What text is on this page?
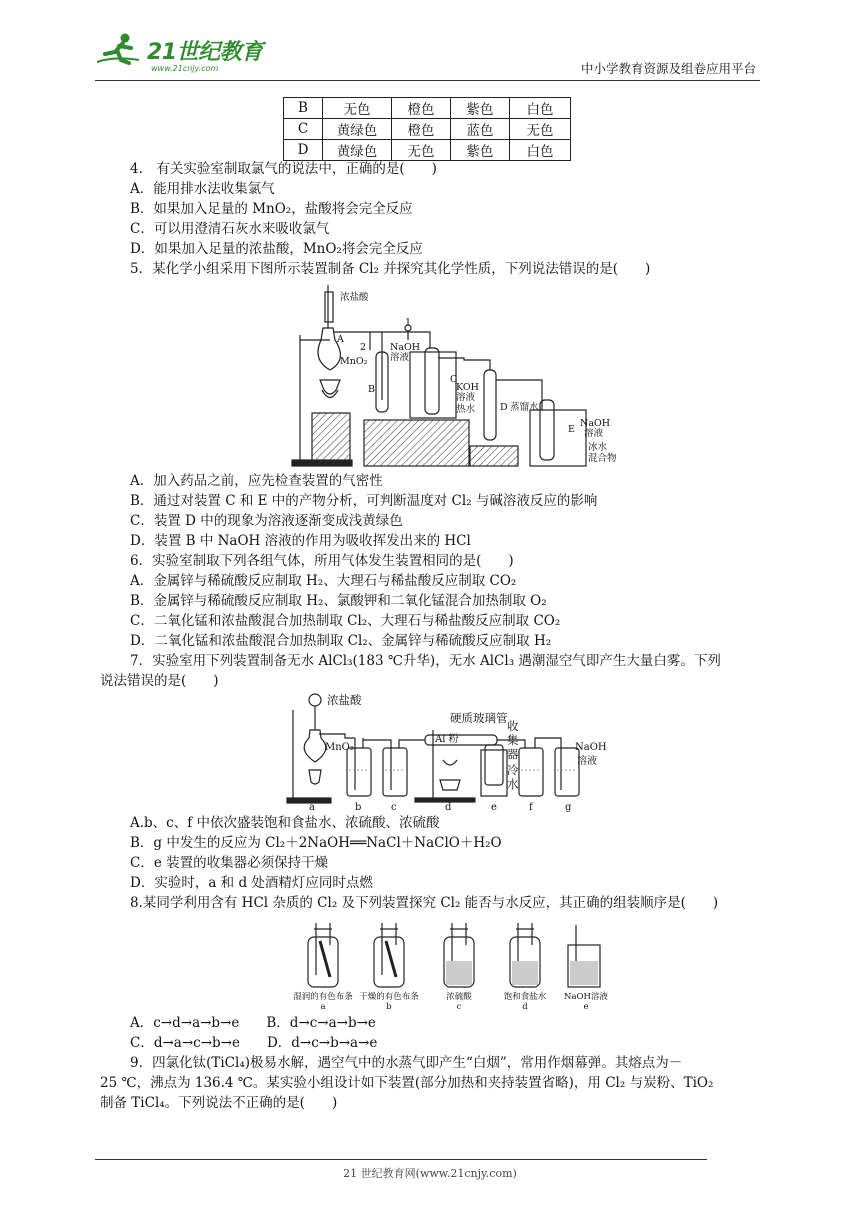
21世纪教育
www.21cnjy.com	中小学教育资源及组卷应用平台
B	无色	橙色	紫色	白色
C	黄绿色	橙色	蓝色	无色
D	黄绿色	无色	紫色	白色
4.　有关实验室制取氯气的说法中，正确的是(　　)
A．能用排水法收集氯气
B．如果加入足量的 MnO₂，盐酸将会完全反应
C．可以用澄清石灰水来吸收氯气
D．如果加入足量的浓盐酸，MnO₂将会完全反应
5．某化学小组采用下图所示装置制备 Cl₂ 并探究其化学性质，下列说法错误的是(　　)
浓盐酸
A
MnO₂
1
2	NaOH
溶液
B
C
KOH
溶液
热水	D 蒸馏水
NaOH
溶液
E
冰水
混合物
A．加入药品之前，应先检查装置的气密性
B．通过对装置 C 和 E 中的产物分析，可判断温度对 Cl₂ 与碱溶液反应的影响
C．装置 D 中的现象为溶液逐渐变成浅黄绿色
D．装置 B 中 NaOH 溶液的作用为吸收挥发出来的 HCl
6．实验室制取下列各组气体，所用气体发生装置相同的是(　　)
A．金属锌与稀硫酸反应制取 H₂、大理石与稀盐酸反应制取 CO₂
B．金属锌与稀硫酸反应制取 H₂、氯酸钾和二氧化锰混合加热制取 O₂
C．二氧化锰和浓盐酸混合加热制取 Cl₂、大理石与稀盐酸反应制取 CO₂
D．二氧化锰和浓盐酸混合加热制取 Cl₂、金属锌与稀硫酸反应制取 H₂
7．实验室用下列装置制备无水 AlCl₃(183 ℃升华)，无水 AlCl₃ 遇潮湿空气即产生大量白雾。下列
说法错误的是(　　)
浓盐酸
MnO₂
硬质玻璃管
Al 粉
收
集
器
冷
水
NaOH
溶液
a	b	c	d	e	f	g
A.b、c、f 中依次盛装饱和食盐水、浓硫酸、浓硫酸
B．g 中发生的反应为 Cl₂＋2NaOH══NaCl＋NaClO＋H₂O
C．e 装置的收集器必须保持干燥
D．实验时，a 和 d 处酒精灯应同时点燃
8.某同学利用含有 HCl 杂质的 Cl₂ 及下列装置探究 Cl₂ 能否与水反应，其正确的组装顺序是(　　)
湿润的有色布条 干燥的有色布条	浓硫酸	饱和食盐水 NaOH溶液
a	b	c	d	e
A．c→d→a→b→e　　B．d→c→a→b→e
C．d→a→c→b→e　　D．d→c→b→a→e
9．四氯化钛(TiCl₄)极易水解，遇空气中的水蒸气即产生“白烟”，常用作烟幕弹。其熔点为－
25 ℃，沸点为 136.4 ℃。某实验小组设计如下装置(部分加热和夹持装置省略)，用 Cl₂ 与炭粉、TiO₂
制备 TiCl₄。下列说法不正确的是(　　)
21 世纪教育网(www.21cnjy.com)
